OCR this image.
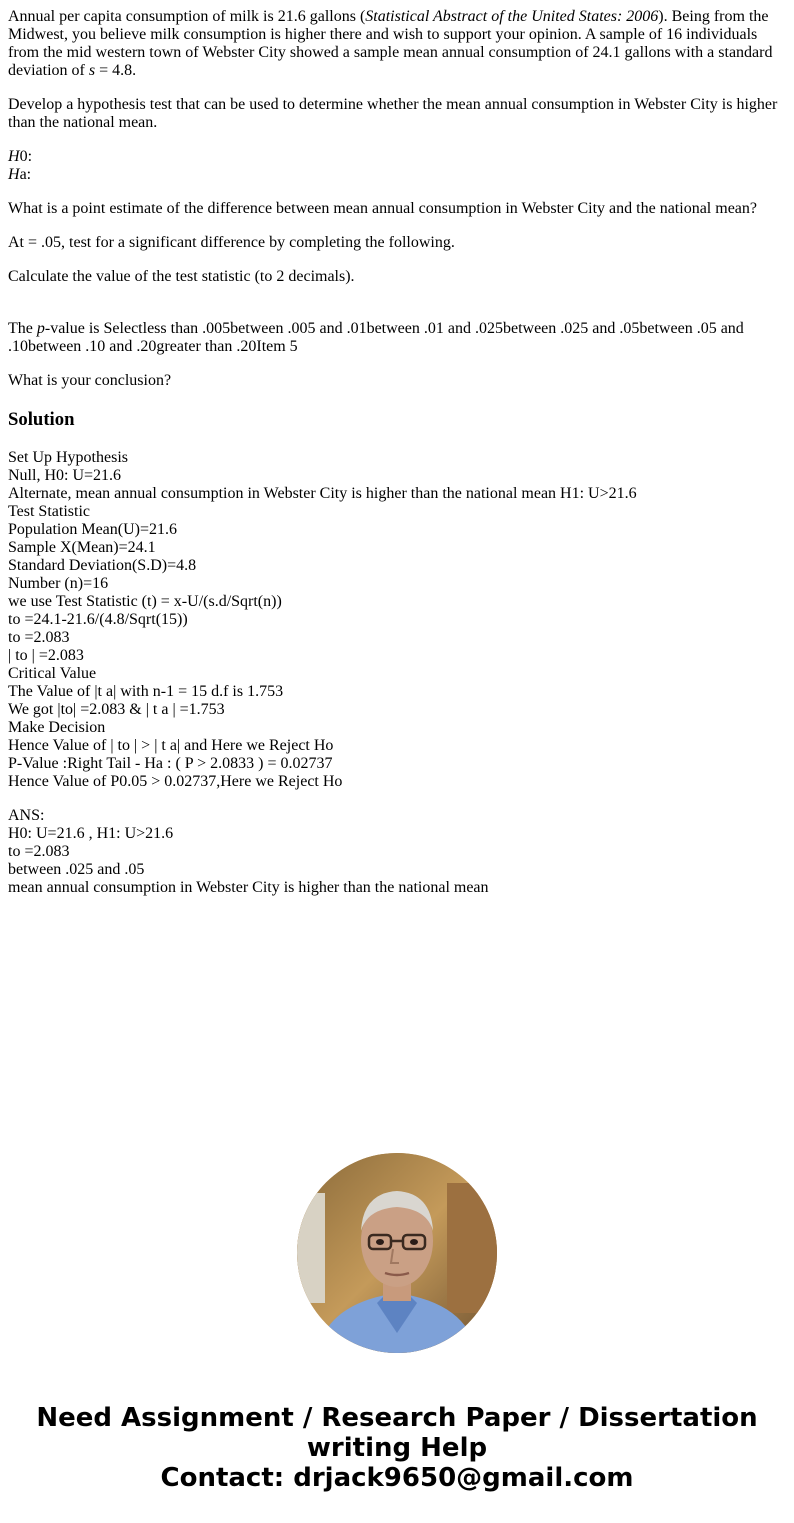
Annual per capita consumption of milk is 21.6 gallons (Statistical Abstract of the United States: 2006). Being from the Midwest, you believe milk consumption is higher there and wish to support your opinion. A sample of 16 individuals from the mid western town of Webster City showed a sample mean annual consumption of 24.1 gallons with a standard deviation of s = 4.8.

Develop a hypothesis test that can be used to determine whether the mean annual consumption in Webster City is higher than the national mean.

H0:
Ha:

What is a point estimate of the difference between mean annual consumption in Webster City and the national mean?

At = .05, test for a significant difference by completing the following.

Calculate the value of the test statistic (to 2 decimals).

The p-value is Selectless than .005between .005 and .01between .01 and .025between .025 and .05between .05 and .10between .10 and .20greater than .20Item 5

What is your conclusion?

Solution

Set Up Hypothesis
Null, H0: U=21.6
Alternate, mean annual consumption in Webster City is higher than the national mean H1: U>21.6
Test Statistic
Population Mean(U)=21.6
Sample X(Mean)=24.1
Standard Deviation(S.D)=4.8
Number (n)=16
we use Test Statistic (t) = x-U/(s.d/Sqrt(n))
to =24.1-21.6/(4.8/Sqrt(15))
to =2.083
| to | =2.083
Critical Value
The Value of |t a| with n-1 = 15 d.f is 1.753
We got |to| =2.083 & | t a | =1.753
Make Decision
Hence Value of | to | > | t a| and Here we Reject Ho
P-Value :Right Tail - Ha : ( P > 2.0833 ) = 0.02737
Hence Value of P0.05 > 0.02737,Here we Reject Ho

ANS:
H0: U=21.6 , H1: U>21.6
to =2.083
between .025 and .05
mean annual consumption in Webster City is higher than the national mean

Need Assignment / Research Paper / Dissertation
writing Help
Contact: drjack9650@gmail.com
